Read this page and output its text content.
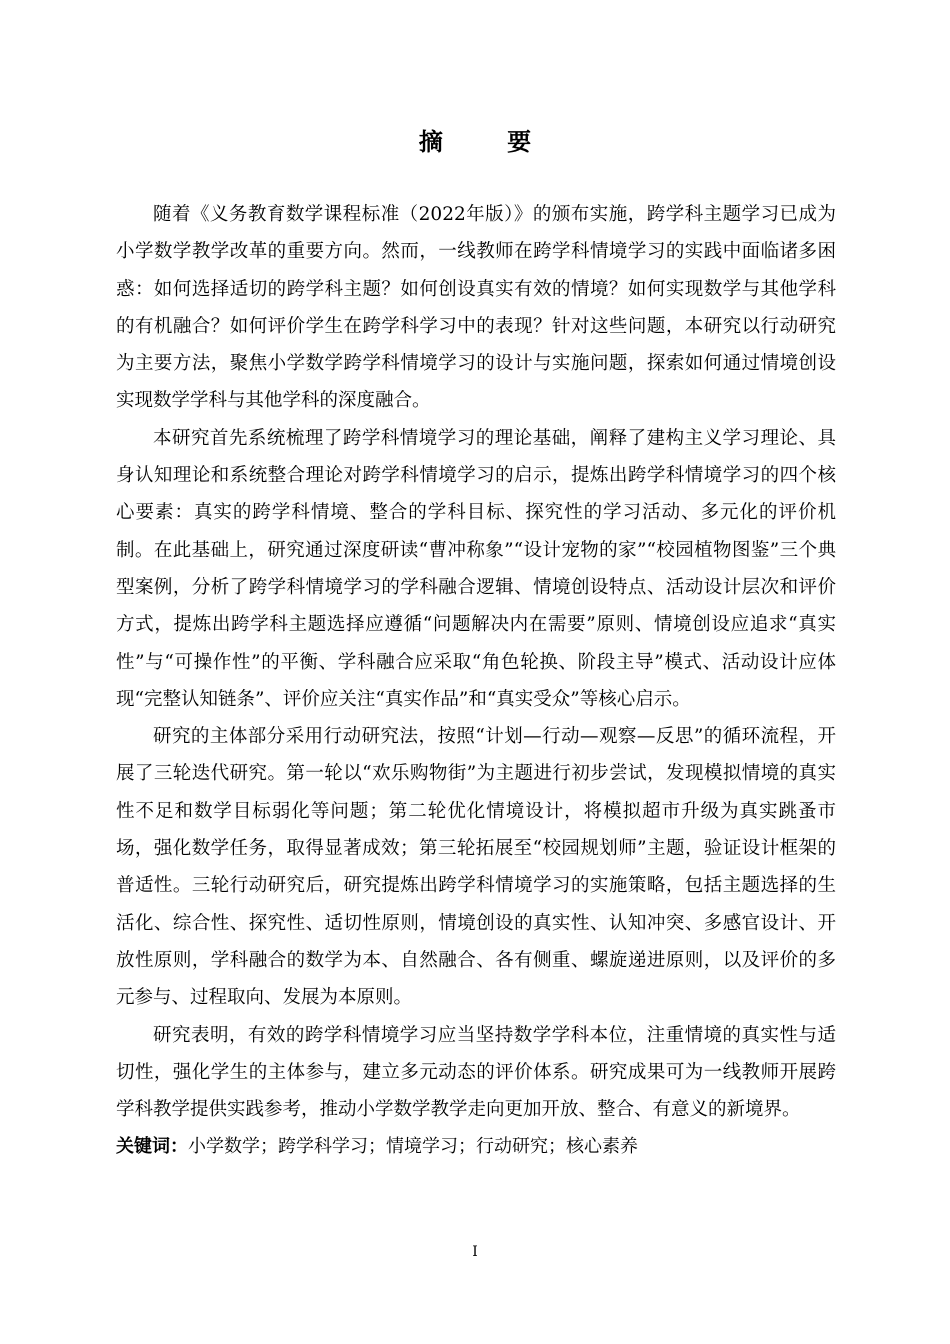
摘 要

随着《义务教育数学课程标准（2022年版）》的颁布实施，跨学科主题学习已成为小学数学教学改革的重要方向。然而，一线教师在跨学科情境学习的实践中面临诸多困惑：如何选择适切的跨学科主题？如何创设真实有效的情境？如何实现数学与其他学科的有机融合？如何评价学生在跨学科学习中的表现？针对这些问题，本研究以行动研究为主要方法，聚焦小学数学跨学科情境学习的设计与实施问题，探索如何通过情境创设实现数学学科与其他学科的深度融合。

本研究首先系统梳理了跨学科情境学习的理论基础，阐释了建构主义学习理论、具身认知理论和系统整合理论对跨学科情境学习的启示，提炼出跨学科情境学习的四个核心要素：真实的跨学科情境、整合的学科目标、探究性的学习活动、多元化的评价机制。在此基础上，研究通过深度研读“曹冲称象”“设计宠物的家”“校园植物图鉴”三个典型案例，分析了跨学科情境学习的学科融合逻辑、情境创设特点、活动设计层次和评价方式，提炼出跨学科主题选择应遵循“问题解决内在需要”原则、情境创设应追求“真实性”与“可操作性”的平衡、学科融合应采取“角色轮换、阶段主导”模式、活动设计应体现“完整认知链条”、评价应关注“真实作品”和“真实受众”等核心启示。

研究的主体部分采用行动研究法，按照“计划—行动—观察—反思”的循环流程，开展了三轮迭代研究。第一轮以“欢乐购物街”为主题进行初步尝试，发现模拟情境的真实性不足和数学目标弱化等问题；第二轮优化情境设计，将模拟超市升级为真实跳蚤市场，强化数学任务，取得显著成效；第三轮拓展至“校园规划师”主题，验证设计框架的普适性。三轮行动研究后，研究提炼出跨学科情境学习的实施策略，包括主题选择的生活化、综合性、探究性、适切性原则，情境创设的真实性、认知冲突、多感官设计、开放性原则，学科融合的数学为本、自然融合、各有侧重、螺旋递进原则，以及评价的多元参与、过程取向、发展为本原则。

研究表明，有效的跨学科情境学习应当坚持数学学科本位，注重情境的真实性与适切性，强化学生的主体参与，建立多元动态的评价体系。研究成果可为一线教师开展跨学科教学提供实践参考，推动小学数学教学走向更加开放、整合、有意义的新境界。

关键词：小学数学；跨学科学习；情境学习；行动研究；核心素养

I
